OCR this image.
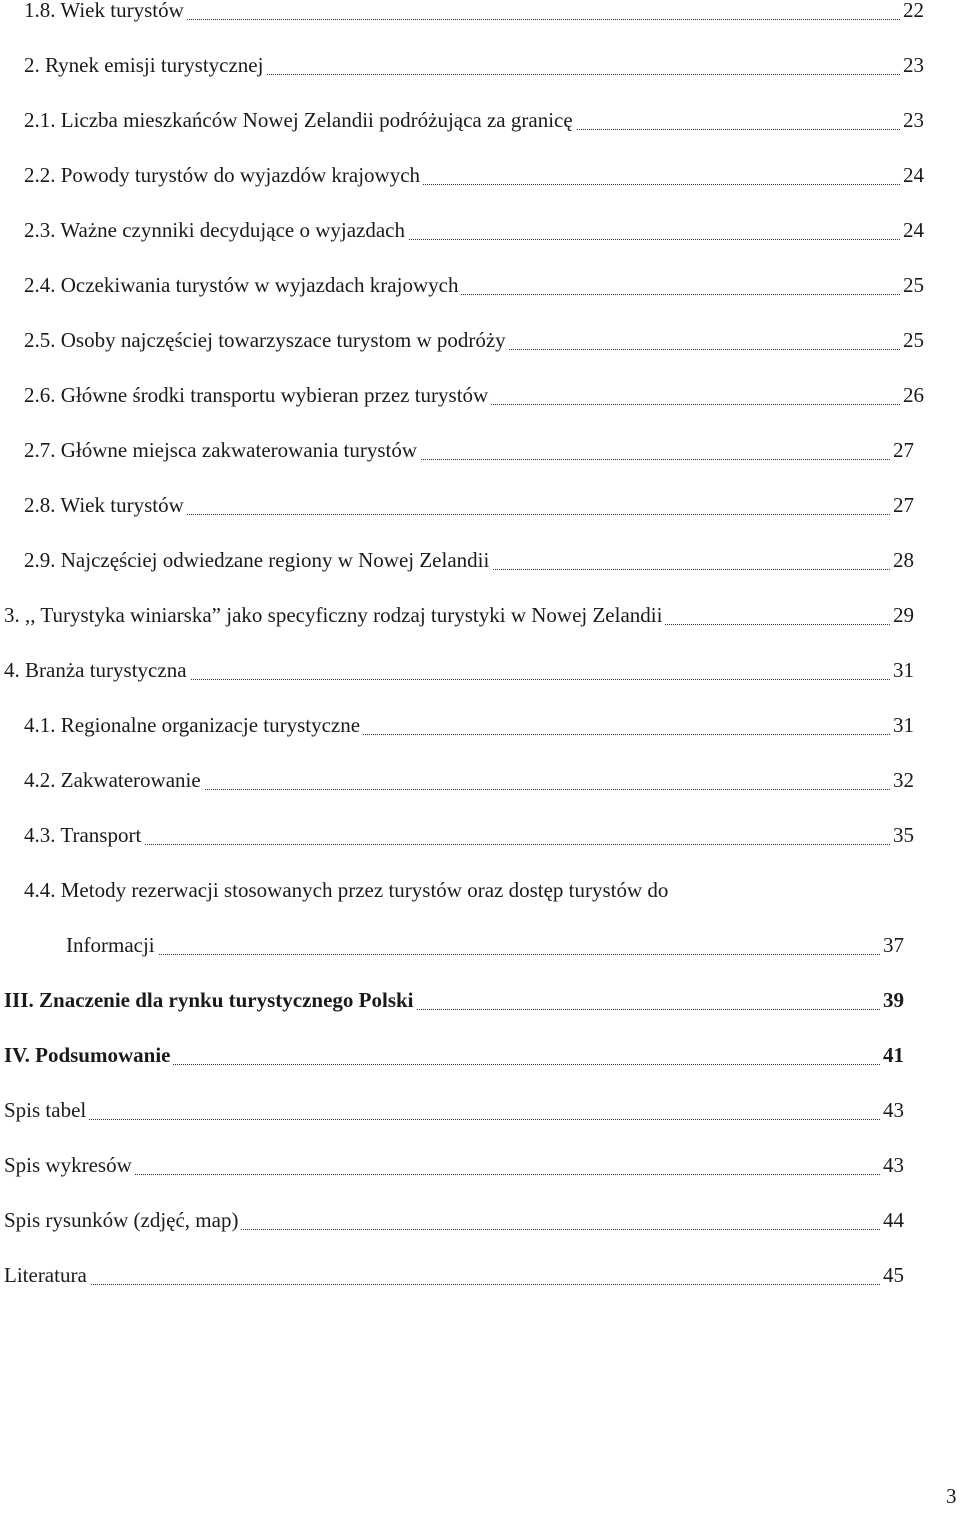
1.8. Wiek turystów	22
2. Rynek emisji turystycznej	23
2.1. Liczba mieszkańców Nowej Zelandii podróżująca za granicę	23
2.2. Powody turystów do wyjazdów krajowych	24
2.3. Ważne czynniki decydujące o wyjazdach	24
2.4. Oczekiwania turystów w wyjazdach krajowych	25
2.5. Osoby najczęściej towarzyszace turystom w podróży	25
2.6. Główne środki transportu wybieran przez turystów	26
2.7. Główne miejsca zakwaterowania turystów	27
2.8. Wiek turystów	27
2.9. Najczęściej odwiedzane regiony w Nowej Zelandii	28
3. ,, Turystyka winiarska” jako specyficzny rodzaj turystyki w Nowej Zelandii	29
4. Branża turystyczna	31
4.1. Regionalne organizacje turystyczne	31
4.2. Zakwaterowanie	32
4.3. Transport	35
4.4. Metody rezerwacji stosowanych przez turystów oraz dostęp turystów do
Informacji	37
III. Znaczenie dla rynku turystycznego Polski	39
IV. Podsumowanie	41
Spis tabel	43
Spis wykresów	43
Spis rysunków (zdjęć, map)	44
Literatura	45
3
